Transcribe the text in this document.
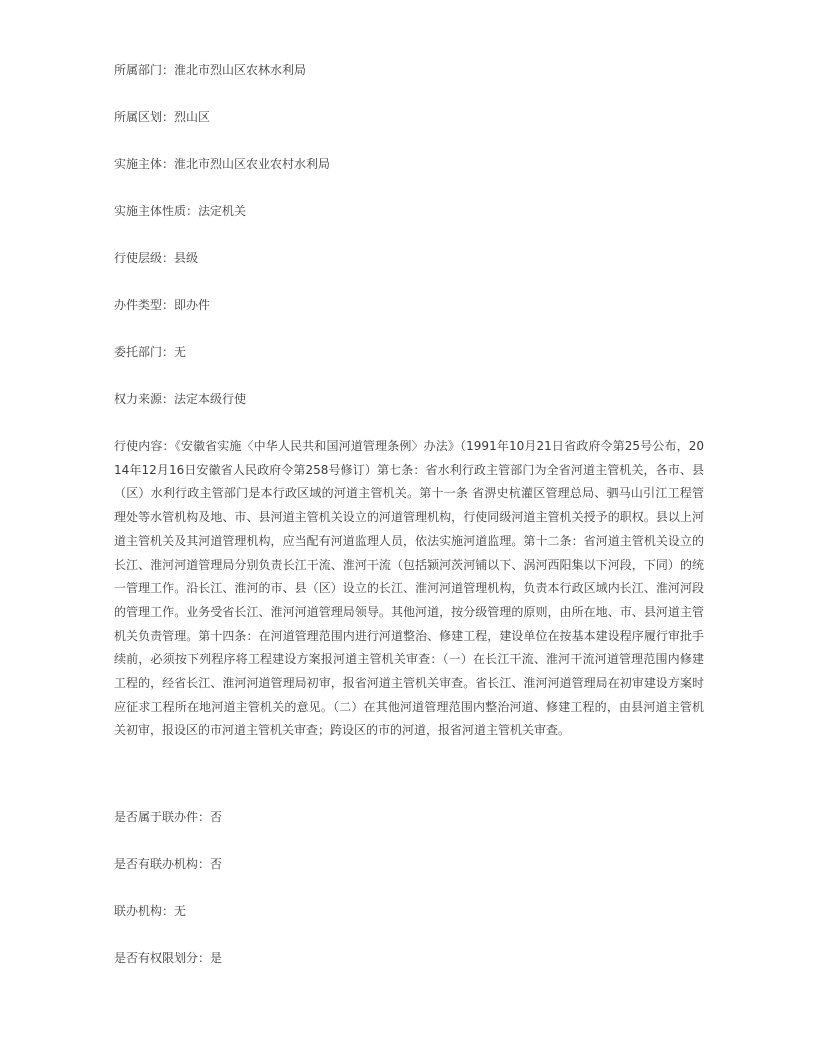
所属部门：淮北市烈山区农林水利局

所属区划：烈山区

实施主体：淮北市烈山区农业农村水利局

实施主体性质：法定机关

行使层级：县级

办件类型：即办件

委托部门：无

权力来源：法定本级行使

行使内容：《安徽省实施〈中华人民共和国河道管理条例〉办法》（1991年10月21日省政府令第25号公布，2014年12月16日安徽省人民政府令第258号修订）第七条：省水利行政主管部门为全省河道主管机关，各市、县（区）水利行政主管部门是本行政区域的河道主管机关。第十一条 省淠史杭灌区管理总局、驷马山引江工程管理处等水管机构及地、市、县河道主管机关设立的河道管理机构，行使同级河道主管机关授予的职权。县以上河道主管机关及其河道管理机构，应当配有河道监理人员，依法实施河道监理。第十二条：省河道主管机关设立的长江、淮河河道管理局分别负责长江干流、淮河干流（包括颍河茨河铺以下、涡河西阳集以下河段，下同）的统一管理工作。沿长江、淮河的市、县（区）设立的长江、淮河河道管理机构，负责本行政区域内长江、淮河河段的管理工作。业务受省长江、淮河河道管理局领导。其他河道，按分级管理的原则，由所在地、市、县河道主管机关负责管理。第十四条：在河道管理范围内进行河道整治、修建工程，建设单位在按基本建设程序履行审批手续前，必须按下列程序将工程建设方案报河道主管机关审查：（一）在长江干流、淮河干流河道管理范围内修建工程的，经省长江、淮河河道管理局初审，报省河道主管机关审查。省长江、淮河河道管理局在初审建设方案时应征求工程所在地河道主管机关的意见。（二）在其他河道管理范围内整治河道、修建工程的，由县河道主管机关初审，报设区的市河道主管机关审查；跨设区的市的河道，报省河道主管机关审查。

是否属于联办件：否

是否有联办机构：否

联办机构：无

是否有权限划分：是
